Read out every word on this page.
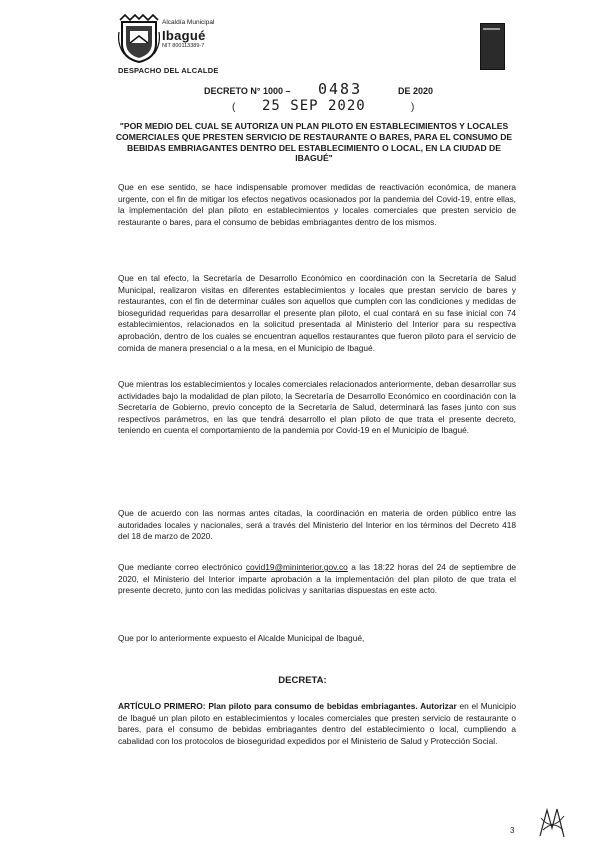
Alcaldía Municipal
Ibagué
NIT 800113389-7
DESPACHO DEL ALCALDE
DECRETO N° 1000 – 0483	DE 2020
( 25 SEP 2020	)
"POR MEDIO DEL CUAL SE AUTORIZA UN PLAN PILOTO EN ESTABLECIMIENTOS Y LOCALES COMERCIALES QUE PRESTEN SERVICIO DE RESTAURANTE O BARES, PARA EL CONSUMO DE BEBIDAS EMBRIAGANTES DENTRO DEL ESTABLECIMIENTO O LOCAL, EN LA CIUDAD DE IBAGUÉ"

Que en ese sentido, se hace indispensable promover medidas de reactivación económica, de manera urgente, con el fin de mitigar los efectos negativos ocasionados por la pandemia del Covid-19, entre ellas, la implementación del plan piloto en establecimientos y locales comerciales que presten servicio de restaurante o bares, para el consumo de bebidas embriagantes dentro de los mismos.

Que en tal efecto, la Secretaría de Desarrollo Económico en coordinación con la Secretaría de Salud Municipal, realizaron visitas en diferentes establecimientos y locales que prestan servicio de bares y restaurantes, con el fin de determinar cuáles son aquellos que cumplen con las condiciones y medidas de bioseguridad requeridas para desarrollar el presente plan piloto, el cual contará en su fase inicial con 74 establecimientos, relacionados en la solicitud presentada al Ministerio del Interior para su respectiva aprobación, dentro de los cuales se encuentran aquellos restaurantes que fueron piloto para el servicio de comida de manera presencial o a la mesa, en el Municipio de Ibagué.

Que mientras los establecimientos y locales comerciales relacionados anteriormente, deban desarrollar sus actividades bajo la modalidad de plan piloto, la Secretaría de Desarrollo Económico en coordinación con la Secretaría de Gobierno, previo concepto de la Secretaría de Salud, determinará las fases junto con sus respectivos parámetros, en las que tendrá desarrollo el plan piloto de que trata el presente decreto, teniendo en cuenta el comportamiento de la pandemia por Covid-19 en el Municipio de Ibagué.

Que de acuerdo con las normas antes citadas, la coordinación en materia de orden público entre las autoridades locales y nacionales, será a través del Ministerio del Interior en los términos del Decreto 418 del 18 de marzo de 2020.

Que mediante correo electrónico covid19@mininterior.gov.co a las 18:22 horas del 24 de septiembre de 2020, el Ministerio del Interior imparte aprobación a la implementación del plan piloto de que trata el presente decreto, junto con las medidas policivas y sanitarias dispuestas en este acto.

Que por lo anteriormente expuesto el Alcalde Municipal de Ibagué,

DECRETA:

ARTÍCULO PRIMERO: Plan piloto para consumo de bebidas embriagantes. Autorizar en el Municipio de Ibagué un plan piloto en establecimientos y locales comerciales que presten servicio de restaurante o bares, para el consumo de bebidas embriagantes dentro del establecimiento o local, cumpliendo a cabalidad con los protocolos de bioseguridad expedidos por el Ministerio de Salud y Protección Social.

3
